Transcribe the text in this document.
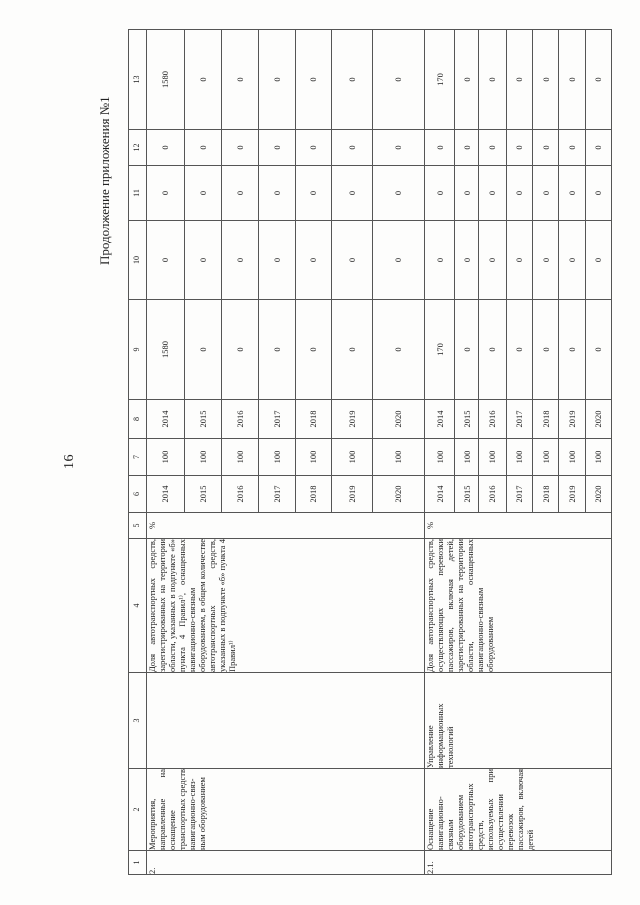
16
Продолжение приложения №1
1	2	3	4	5	6	7	8	9	10	11	12	13
2.	Мероприятия, направленные на оснащение транспортных средств навигационно-связ-ным оборудованием		Доля автотранспортных средств, зарегистрированных на территории области, указанных в подпункте «б» пункта 4 Правил¹⁾, оснащенных навигационно-связным оборудованием, в общем количестве автотранспортных средств, указанных в подпункте «б» пункта 4 Правил¹⁾	%	2014	100	2014	1580	0	0	0	1580
					2015	100	2015	0	0	0	0	0
					2016	100	2016	0	0	0	0	0
					2017	100	2017	0	0	0	0	0
					2018	100	2018	0	0	0	0	0
					2019	100	2019	0	0	0	0	0
					2020	100	2020	0	0	0	0	0
2.1.	Оснащение навигационно-связным оборудованием автотранспортных средств, используемых при осуществлении перевозок пассажиров, включая детей	Управление информационных технологий	Доля автотранспортных средств, осуществляющих перевозки пассажиров, включая детей, зарегистрированных на территории области, оснащенных навигационно-связным оборудованием	%	2014	100	2014	170	0	0	0	170
					2015	100	2015	0	0	0	0	0
					2016	100	2016	0	0	0	0	0
					2017	100	2017	0	0	0	0	0
					2018	100	2018	0	0	0	0	0
					2019	100	2019	0	0	0	0	0
					2020	100	2020	0	0	0	0	0
